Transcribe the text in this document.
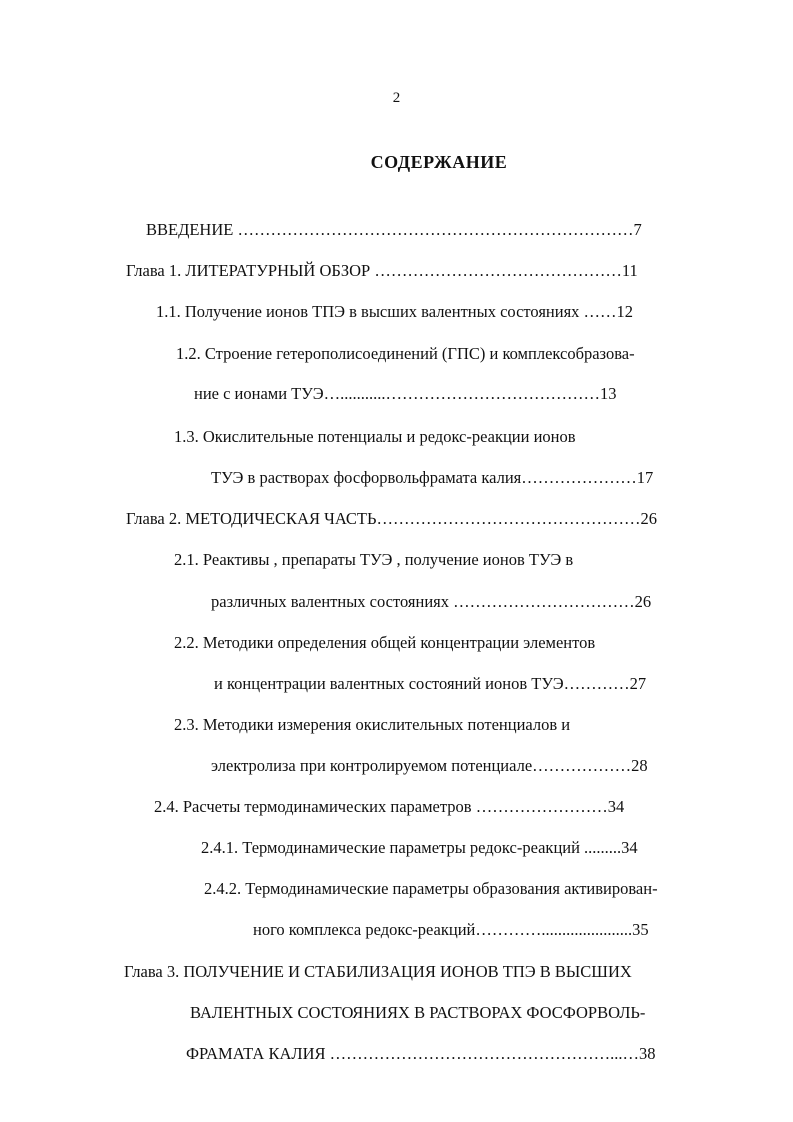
2
СОДЕРЖАНИЕ
ВВЕДЕНИЕ ………………………………………………………………7
Глава 1. ЛИТЕРАТУРНЫЙ ОБЗОР ………………………………………11
1.1. Получение ионов ТПЭ в высших валентных состояниях ……12
1.2. Строение гетерополисоединений (ГПС) и комплексобразова-
ние с ионами ТУЭ…...........…………………………………13
1.3. Окислительные потенциалы и редокс-реакции ионов
ТУЭ в растворах фосфорвольфрамата калия…………………17
Глава 2. МЕТОДИЧЕСКАЯ ЧАСТЬ…………………………………………26
2.1. Реактивы , препараты ТУЭ , получение ионов ТУЭ в
различных валентных состояниях ……………………………26
2.2. Методики определения общей концентрации элементов
и концентрации валентных состояний ионов ТУЭ…………27
2.3. Методики измерения окислительных потенциалов и
электролиза при контролируемом потенциале………………28
2.4. Расчеты термодинамических параметров ……………………34
2.4.1. Термодинамические параметры редокс-реакций .........34
2.4.2. Термодинамические параметры образования активирован-
ного комплекса редокс-реакций…………......................35
Глава 3. ПОЛУЧЕНИЕ И СТАБИЛИЗАЦИЯ ИОНОВ ТПЭ В ВЫСШИХ
ВАЛЕНТНЫХ СОСТОЯНИЯХ В РАСТВОРАХ ФОСФОРВОЛЬ-
ФРАМАТА КАЛИЯ ……………………………………………...…38
